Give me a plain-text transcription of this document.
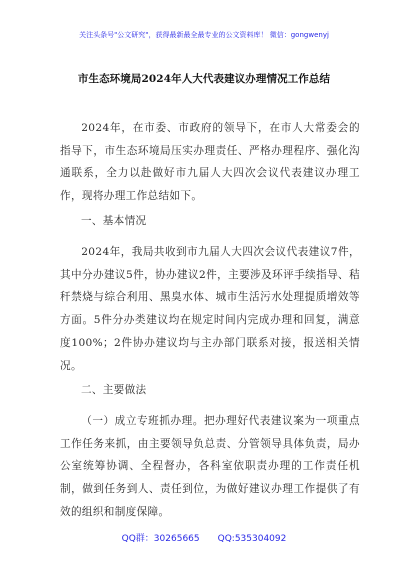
关注头条号"公文研究"，获得最新最全最专业的公文资料库！ 微信：gongwenyj
市生态环境局2024年人大代表建议办理情况工作总结
2024年，在市委、市政府的领导下，在市人大常委会的指导下，市生态环境局压实办理责任、严格办理程序、强化沟通联系，全力以赴做好市九届人大四次会议代表建议办理工作，现将办理工作总结如下。
一、基本情况
2024年，我局共收到市九届人大四次会议代表建议7件，其中分办建议5件，协办建议2件，主要涉及环评手续指导、秸秆禁烧与综合利用、黑臭水体、城市生活污水处理提质增效等方面。5件分办类建议均在规定时间内完成办理和回复，满意度100%；2件协办建议均与主办部门联系对接，报送相关情况。
二、主要做法
（一）成立专班抓办理。把办理好代表建议案为一项重点工作任务来抓，由主要领导负总责、分管领导具体负责，局办公室统筹协调、全程督办，各科室依职责办理的工作责任机制，做到任务到人、责任到位，为做好建议办理工作提供了有效的组织和制度保障。
QQ群：30265665　　QQ:535304092
